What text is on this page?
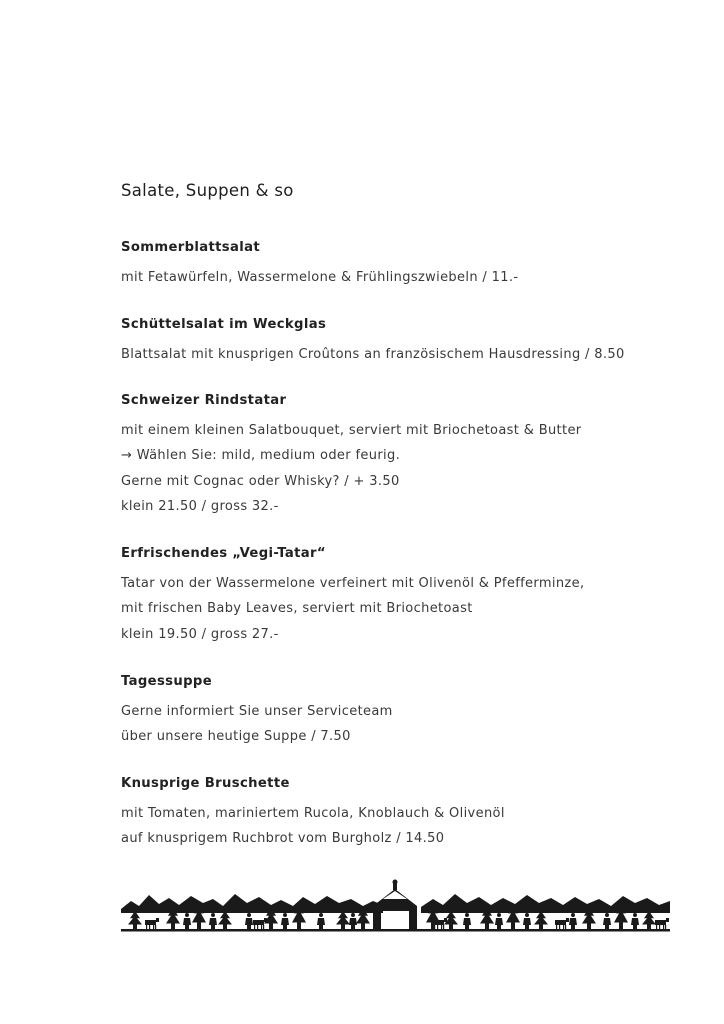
Salate, Suppen & so
Sommerblattsalat
mit Fetawürfeln, Wassermelone & Frühlingszwiebeln / 11.-
Schüttelsalat im Weckglas
Blattsalat mit knusprigen Croûtons an französischem Hausdressing / 8.50
Schweizer Rindstatar
mit einem kleinen Salatbouquet, serviert mit Briochetoast & Butter
→ Wählen Sie: mild, medium oder feurig.
Gerne mit Cognac oder Whisky? / + 3.50
klein 21.50 / gross 32.-
Erfrischendes „Vegi-Tatar“
Tatar von der Wassermelone verfeinert mit Olivenöl & Pfefferminze,
mit frischen Baby Leaves, serviert mit Briochetoast
klein 19.50 / gross 27.-
Tagessuppe
Gerne informiert Sie unser Serviceteam
über unsere heutige Suppe / 7.50
Knusprige Bruschette
mit Tomaten, mariniertem Rucola, Knoblauch & Olivenöl
auf knusprigem Ruchbrot vom Burgholz / 14.50
